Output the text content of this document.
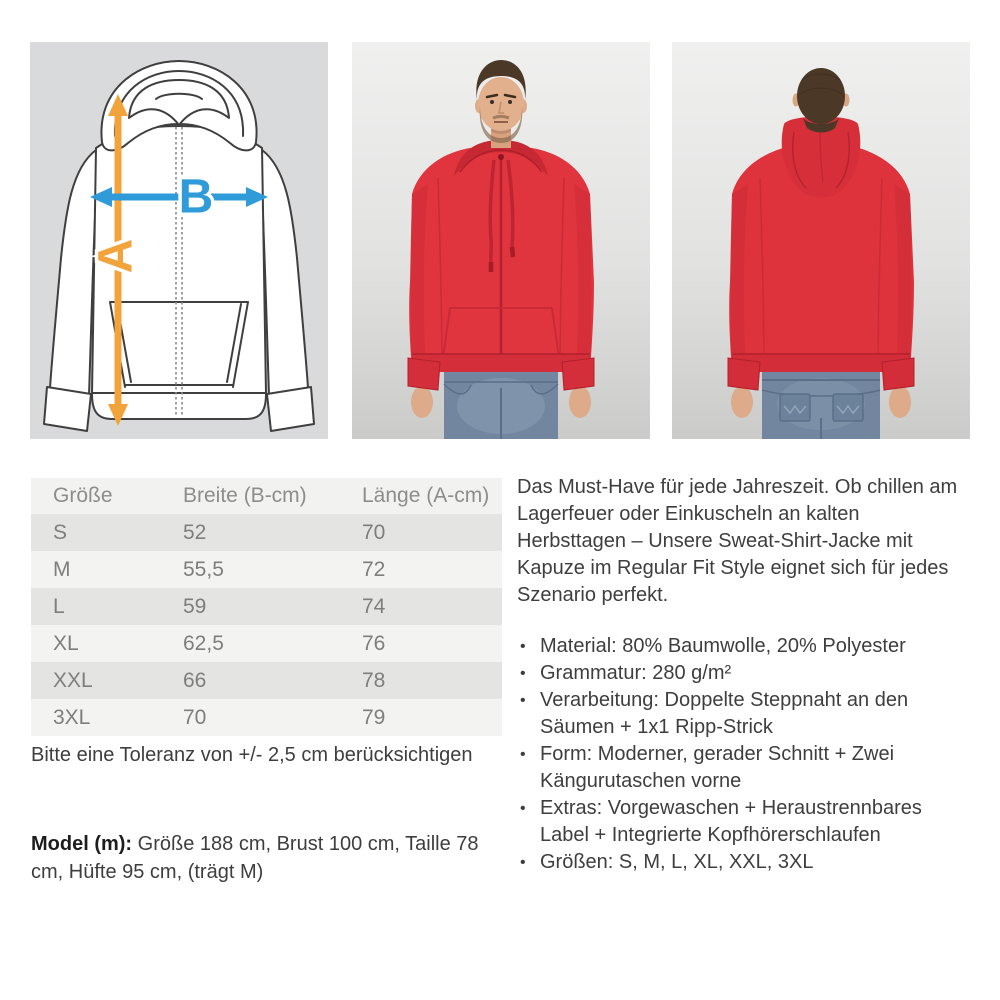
A
B
Größe	Breite (B-cm)	Länge (A-cm)
S	52	70
M	55,5	72
L	59	74
XL	62,5	76
XXL	66	78
3XL	70	79

Bitte eine Toleranz von +/- 2,5 cm berücksichtigen

Model (m): Größe 188 cm, Brust 100 cm, Taille 78 cm, Hüfte 95 cm, (trägt M)

Das Must-Have für jede Jahreszeit. Ob chillen am Lagerfeuer oder Einkuscheln an kalten Herbsttagen – Unsere Sweat-Shirt-Jacke mit Kapuze im Regular Fit Style eignet sich für jedes Szenario perfekt.
• Material: 80% Baumwolle, 20% Polyester
• Grammatur: 280 g/m²
• Verarbeitung: Doppelte Steppnaht an den Säumen + 1x1 Ripp-Strick
• Form: Moderner, gerader Schnitt + Zwei Kängurutaschen vorne
• Extras: Vorgewaschen + Heraustrennbares Label + Integrierte Kopfhörerschlaufen
• Größen: S, M, L, XL, XXL, 3XL
